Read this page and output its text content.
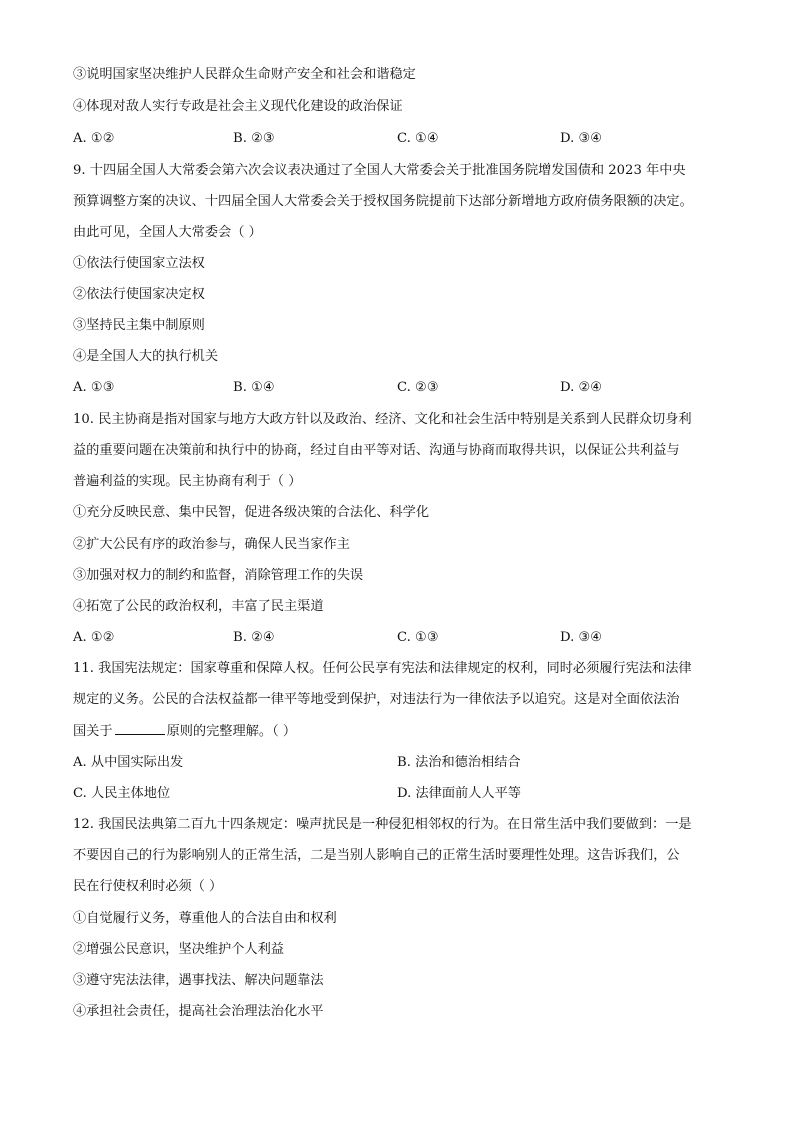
③说明国家坚决维护人民群众生命财产安全和社会和谐稳定
④体现对敌人实行专政是社会主义现代化建设的政治保证
A. ①②	B. ②③	C. ①④	D. ③④
9. 十四届全国人大常委会第六次会议表决通过了全国人大常委会关于批准国务院增发国债和 2023 年中央
预算调整方案的决议、十四届全国人大常委会关于授权国务院提前下达部分新增地方政府债务限额的决定。
由此可见，全国人大常委会（ ）
①依法行使国家立法权
②依法行使国家决定权
③坚持民主集中制原则
④是全国人大的执行机关
A. ①③	B. ①④	C. ②③	D. ②④
10. 民主协商是指对国家与地方大政方针以及政治、经济、文化和社会生活中特别是关系到人民群众切身利
益的重要问题在决策前和执行中的协商，经过自由平等对话、沟通与协商而取得共识，以保证公共利益与
普遍利益的实现。民主协商有利于（ ）
①充分反映民意、集中民智，促进各级决策的合法化、科学化
②扩大公民有序的政治参与，确保人民当家作主
③加强对权力的制约和监督，消除管理工作的失误
④拓宽了公民的政治权利，丰富了民主渠道
A. ①②	B. ②④	C. ①③	D. ③④
11. 我国宪法规定：国家尊重和保障人权。任何公民享有宪法和法律规定的权利，同时必须履行宪法和法律
规定的义务。公民的合法权益都一律平等地受到保护，对违法行为一律依法予以追究。这是对全面依法治
国关于	原则的完整理解。（ ）
A. 从中国实际出发	B. 法治和德治相结合
C. 人民主体地位	D. 法律面前人人平等
12. 我国民法典第二百九十四条规定：噪声扰民是一种侵犯相邻权的行为。在日常生活中我们要做到：一是
不要因自己的行为影响别人的正常生活，二是当别人影响自己的正常生活时要理性处理。这告诉我们，公
民在行使权利时必须（ ）
①自觉履行义务，尊重他人的合法自由和权利
②增强公民意识，坚决维护个人利益
③遵守宪法法律，遇事找法、解决问题靠法
④承担社会责任，提高社会治理法治化水平
